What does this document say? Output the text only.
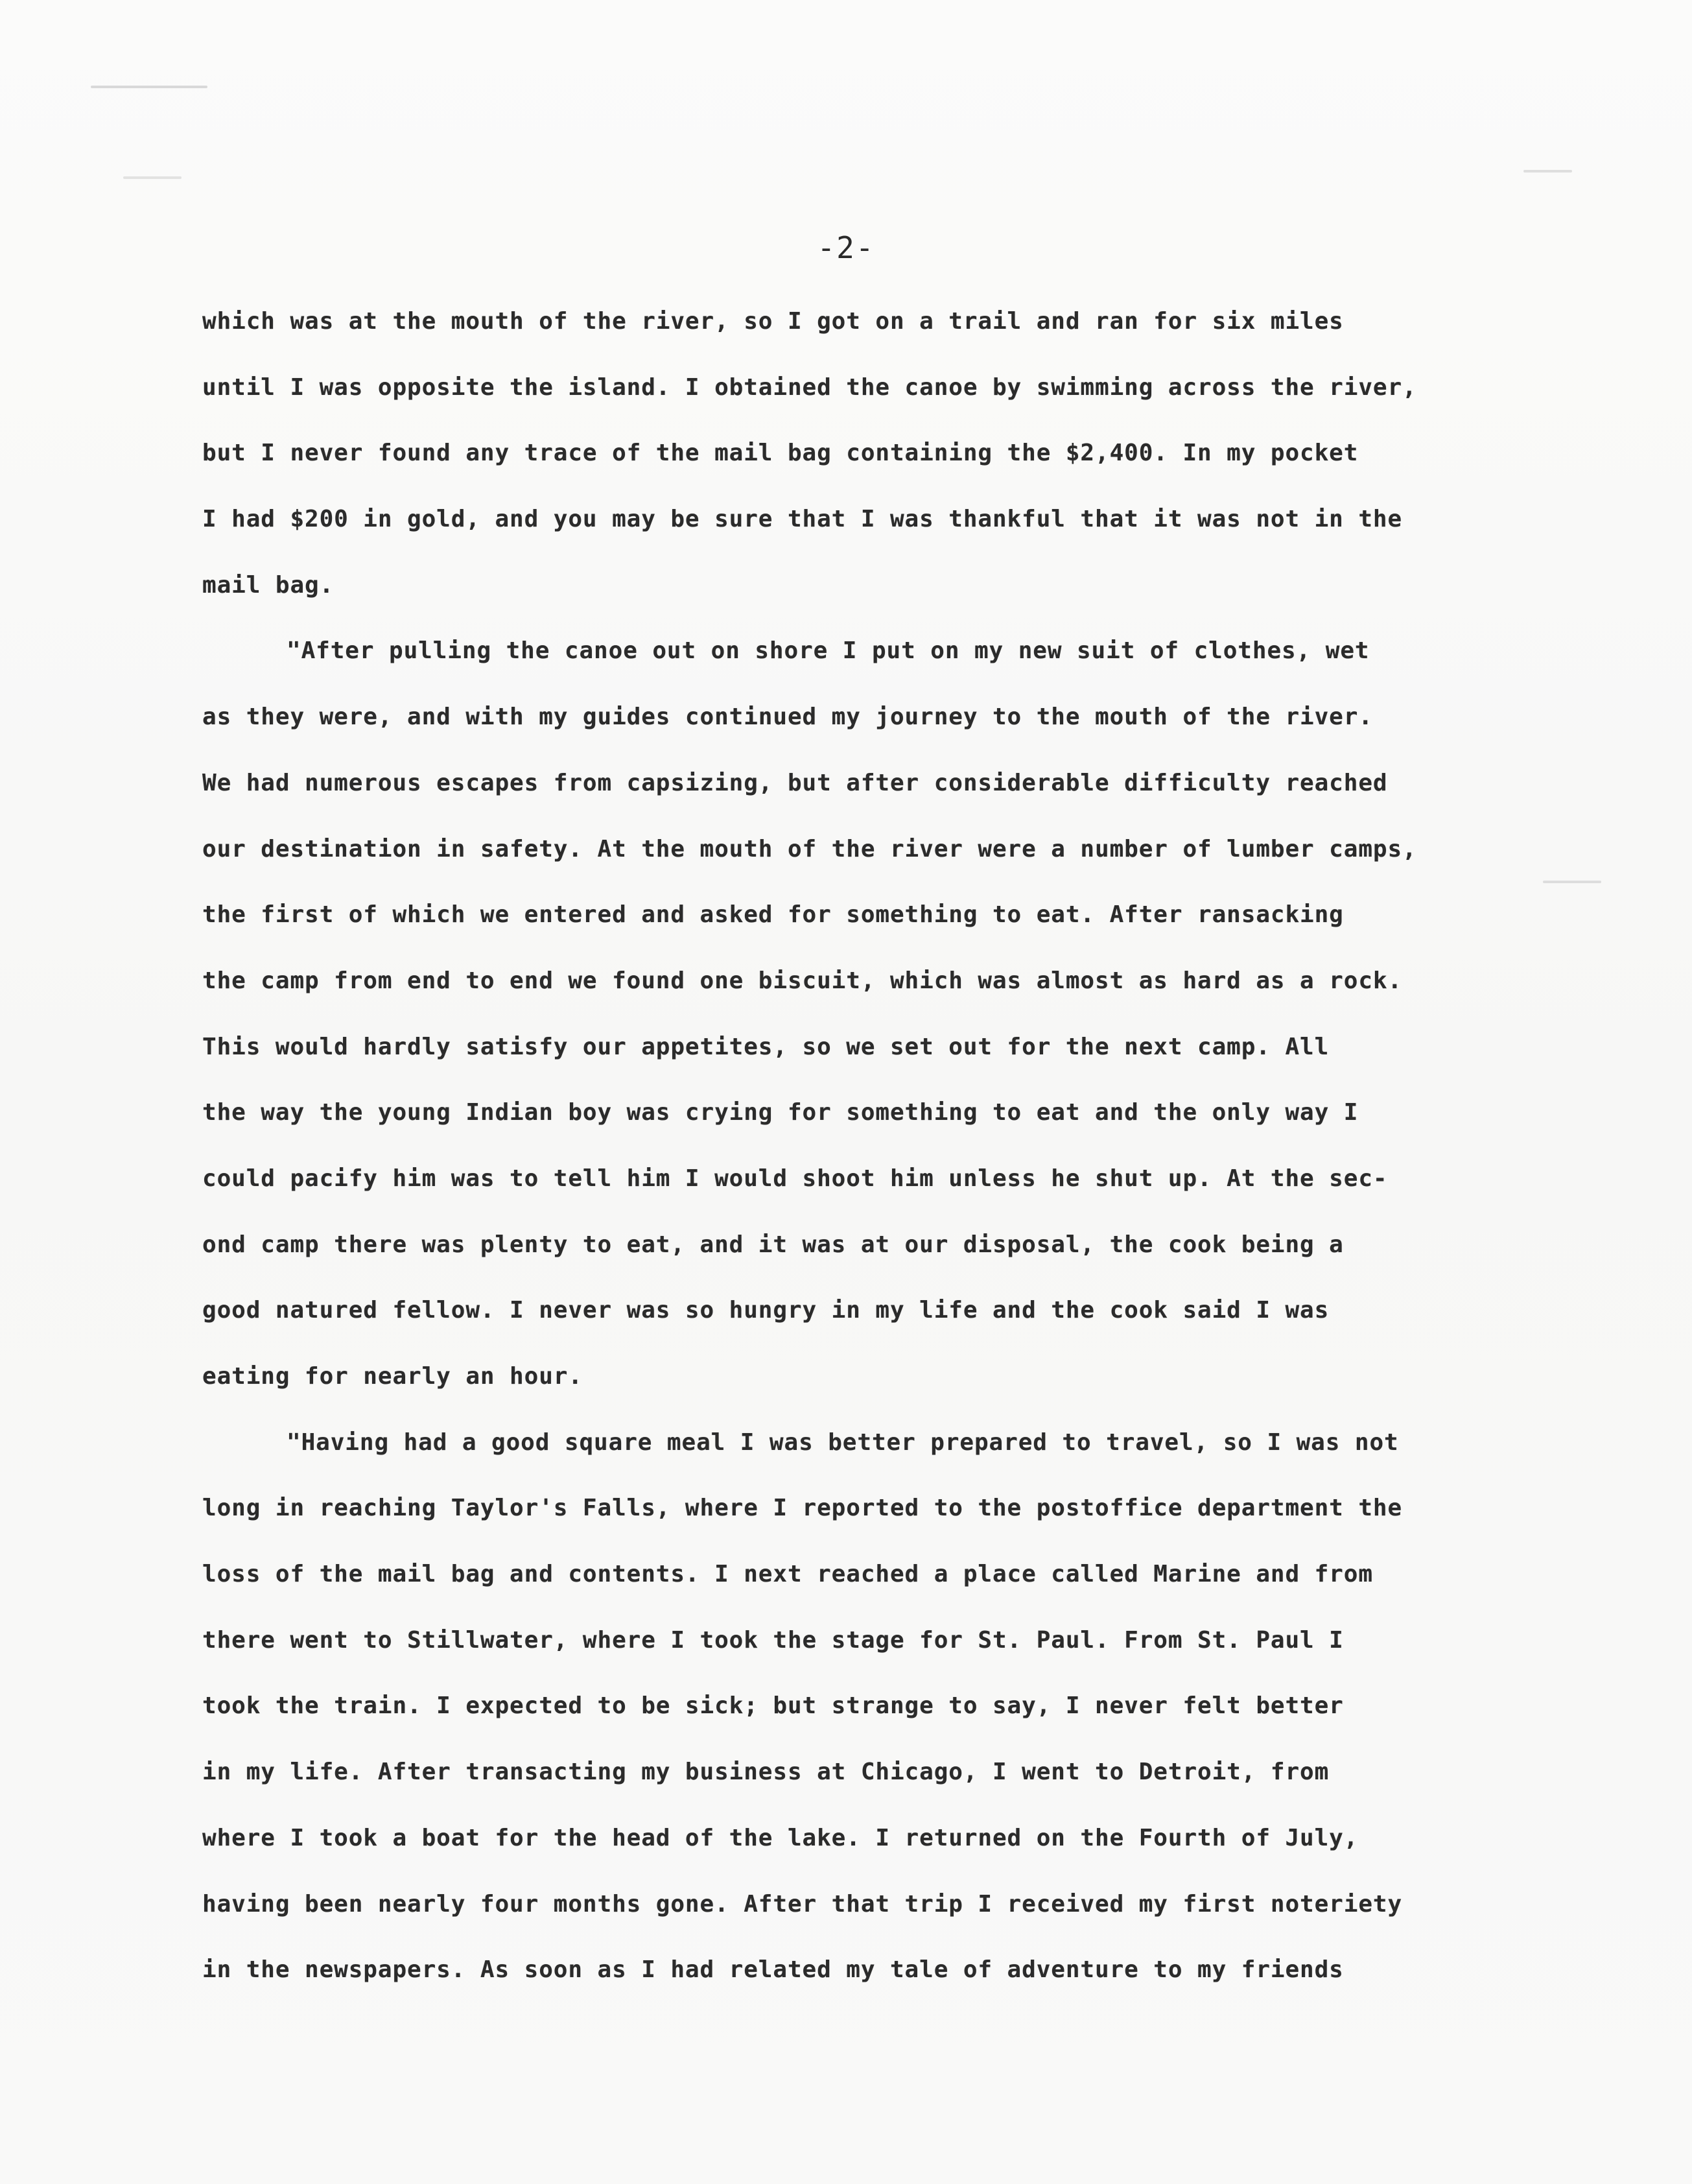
-2-
which was at the mouth of the river, so I got on a trail and ran for six miles
until I was opposite the island. I obtained the canoe by swimming across the river,
but I never found any trace of the mail bag containing the $2,400. In my pocket
I had $200 in gold, and you may be sure that I was thankful that it was not in the
mail bag.
"After pulling the canoe out on shore I put on my new suit of clothes, wet
as they were, and with my guides continued my journey to the mouth of the river.
We had numerous escapes from capsizing, but after considerable difficulty reached
our destination in safety. At the mouth of the river were a number of lumber camps,
the first of which we entered and asked for something to eat. After ransacking
the camp from end to end we found one biscuit, which was almost as hard as a rock.
This would hardly satisfy our appetites, so we set out for the next camp. All
the way the young Indian boy was crying for something to eat and the only way I
could pacify him was to tell him I would shoot him unless he shut up. At the sec-
ond camp there was plenty to eat, and it was at our disposal, the cook being a
good natured fellow. I never was so hungry in my life and the cook said I was
eating for nearly an hour.
"Having had a good square meal I was better prepared to travel, so I was not
long in reaching Taylor's Falls, where I reported to the postoffice department the
loss of the mail bag and contents. I next reached a place called Marine and from
there went to Stillwater, where I took the stage for St. Paul. From St. Paul I
took the train. I expected to be sick; but strange to say, I never felt better
in my life. After transacting my business at Chicago, I went to Detroit, from
where I took a boat for the head of the lake. I returned on the Fourth of July,
having been nearly four months gone. After that trip I received my first noteriety
in the newspapers. As soon as I had related my tale of adventure to my friends
